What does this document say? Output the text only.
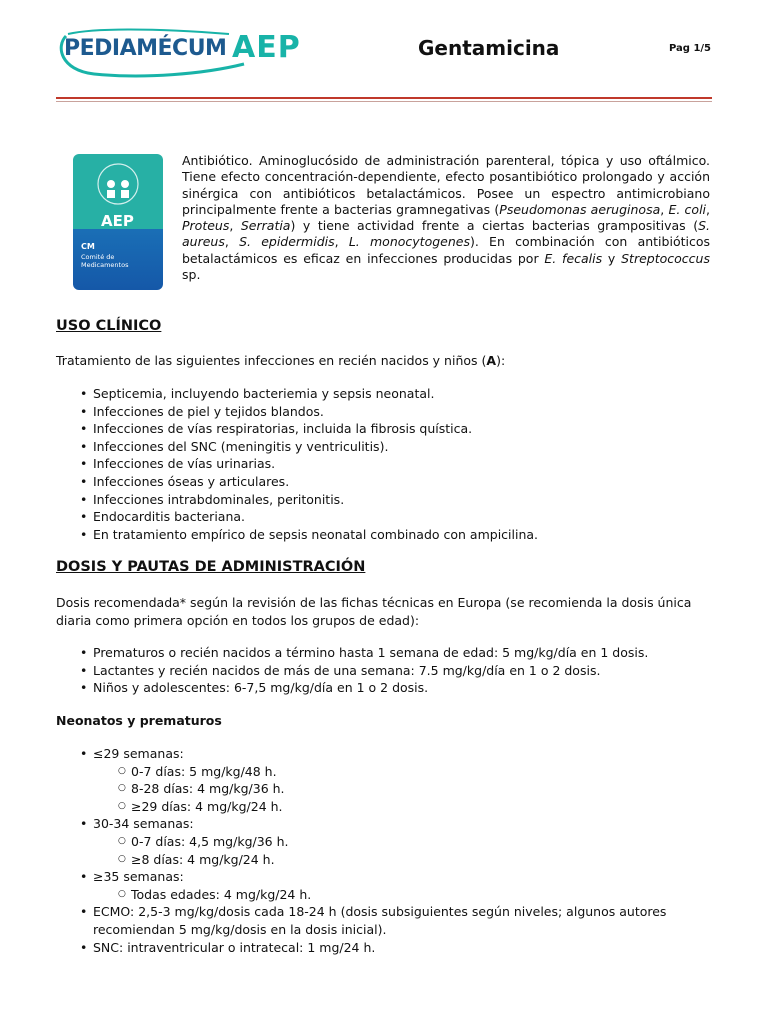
PEDIAMÉCUM AEP	Gentamicina	Pag 1/5
AEP
CM
Comité de Medicamentos
Antibiótico. Aminoglucósido de administración parenteral, tópica y uso oftálmico. Tiene efecto concentración-dependiente, efecto posantibiótico prolongado y acción sinérgica con antibióticos betalactámicos. Posee un espectro antimicrobiano principalmente frente a bacterias gramnegativas (Pseudomonas aeruginosa, E. coli, Proteus, Serratia) y tiene actividad frente a ciertas bacterias grampositivas (S. aureus, S. epidermidis, L. monocytogenes). En combinación con antibióticos betalactámicos es eficaz en infecciones producidas por E. fecalis y Streptococcus sp.
USO CLÍNICO
Tratamiento de las siguientes infecciones en recién nacidos y niños (A):
• Septicemia, incluyendo bacteriemia y sepsis neonatal.
• Infecciones de piel y tejidos blandos.
• Infecciones de vías respiratorias, incluida la fibrosis quística.
• Infecciones del SNC (meningitis y ventriculitis).
• Infecciones de vías urinarias.
• Infecciones óseas y articulares.
• Infecciones intrabdominales, peritonitis.
• Endocarditis bacteriana.
• En tratamiento empírico de sepsis neonatal combinado con ampicilina.
DOSIS Y PAUTAS DE ADMINISTRACIÓN
Dosis recomendada* según la revisión de las fichas técnicas en Europa (se recomienda la dosis única diaria como primera opción en todos los grupos de edad):
• Prematuros o recién nacidos a término hasta 1 semana de edad: 5 mg/kg/día en 1 dosis.
• Lactantes y recién nacidos de más de una semana: 7.5 mg/kg/día en 1 o 2 dosis.
• Niños y adolescentes: 6-7,5 mg/kg/día en 1 o 2 dosis.
Neonatos y prematuros
• ≤29 semanas:
○ 0-7 días: 5 mg/kg/48 h.
○ 8-28 días: 4 mg/kg/36 h.
○ ≥29 días: 4 mg/kg/24 h.
• 30-34 semanas:
○ 0-7 días: 4,5 mg/kg/36 h.
○ ≥8 días: 4 mg/kg/24 h.
• ≥35 semanas:
○ Todas edades: 4 mg/kg/24 h.
• ECMO: 2,5-3 mg/kg/dosis cada 18-24 h (dosis subsiguientes según niveles; algunos autores recomiendan 5 mg/kg/dosis en la dosis inicial).
• SNC: intraventricular o intratecal: 1 mg/24 h.
